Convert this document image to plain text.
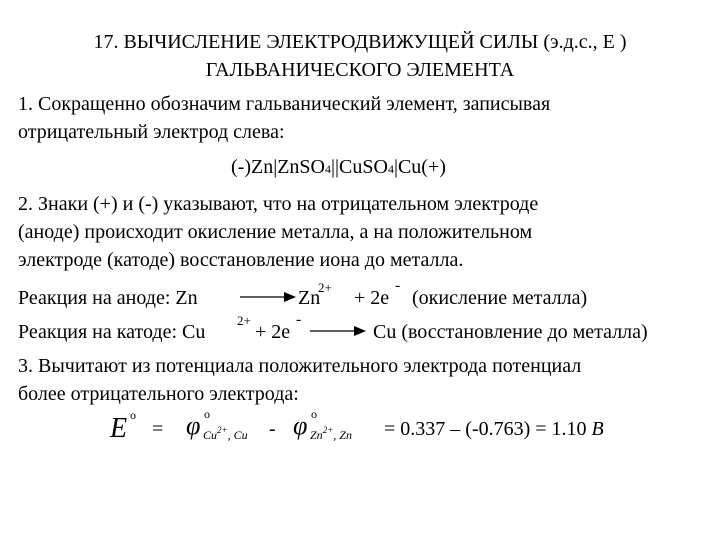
17. ВЫЧИСЛЕНИЕ ЭЛЕКТРОДВИЖУЩЕЙ СИЛЫ (э.д.с., E )
ГАЛЬВАНИЧЕСКОГО ЭЛЕМЕНТА
1. Сокращенно обозначим гальванический элемент, записывая
отрицательный электрод слева:
(-)Zn|ZnSO4||CuSO4|Cu(+)
2. Знаки (+) и (-) указывают, что на отрицательном электроде
(аноде) происходит окисление металла, а на положительном
электроде (катоде) восстановление иона до металла.
Реакция на аноде: Zn	Zn
2+ + 2e
-
(окисление металла)
Реакция на катоде: Cu
2+
+ 2e
-
Cu (восстановление до металла)
3. Вычитают из потенциала положительного электрода потенциал
более отрицательного электрода:
E o
= φ o
$Cu^{2+}$, Cu - φ o
$Zn^{2+}$, Zn = 0.337 – (-0.763) = 1.10 В
